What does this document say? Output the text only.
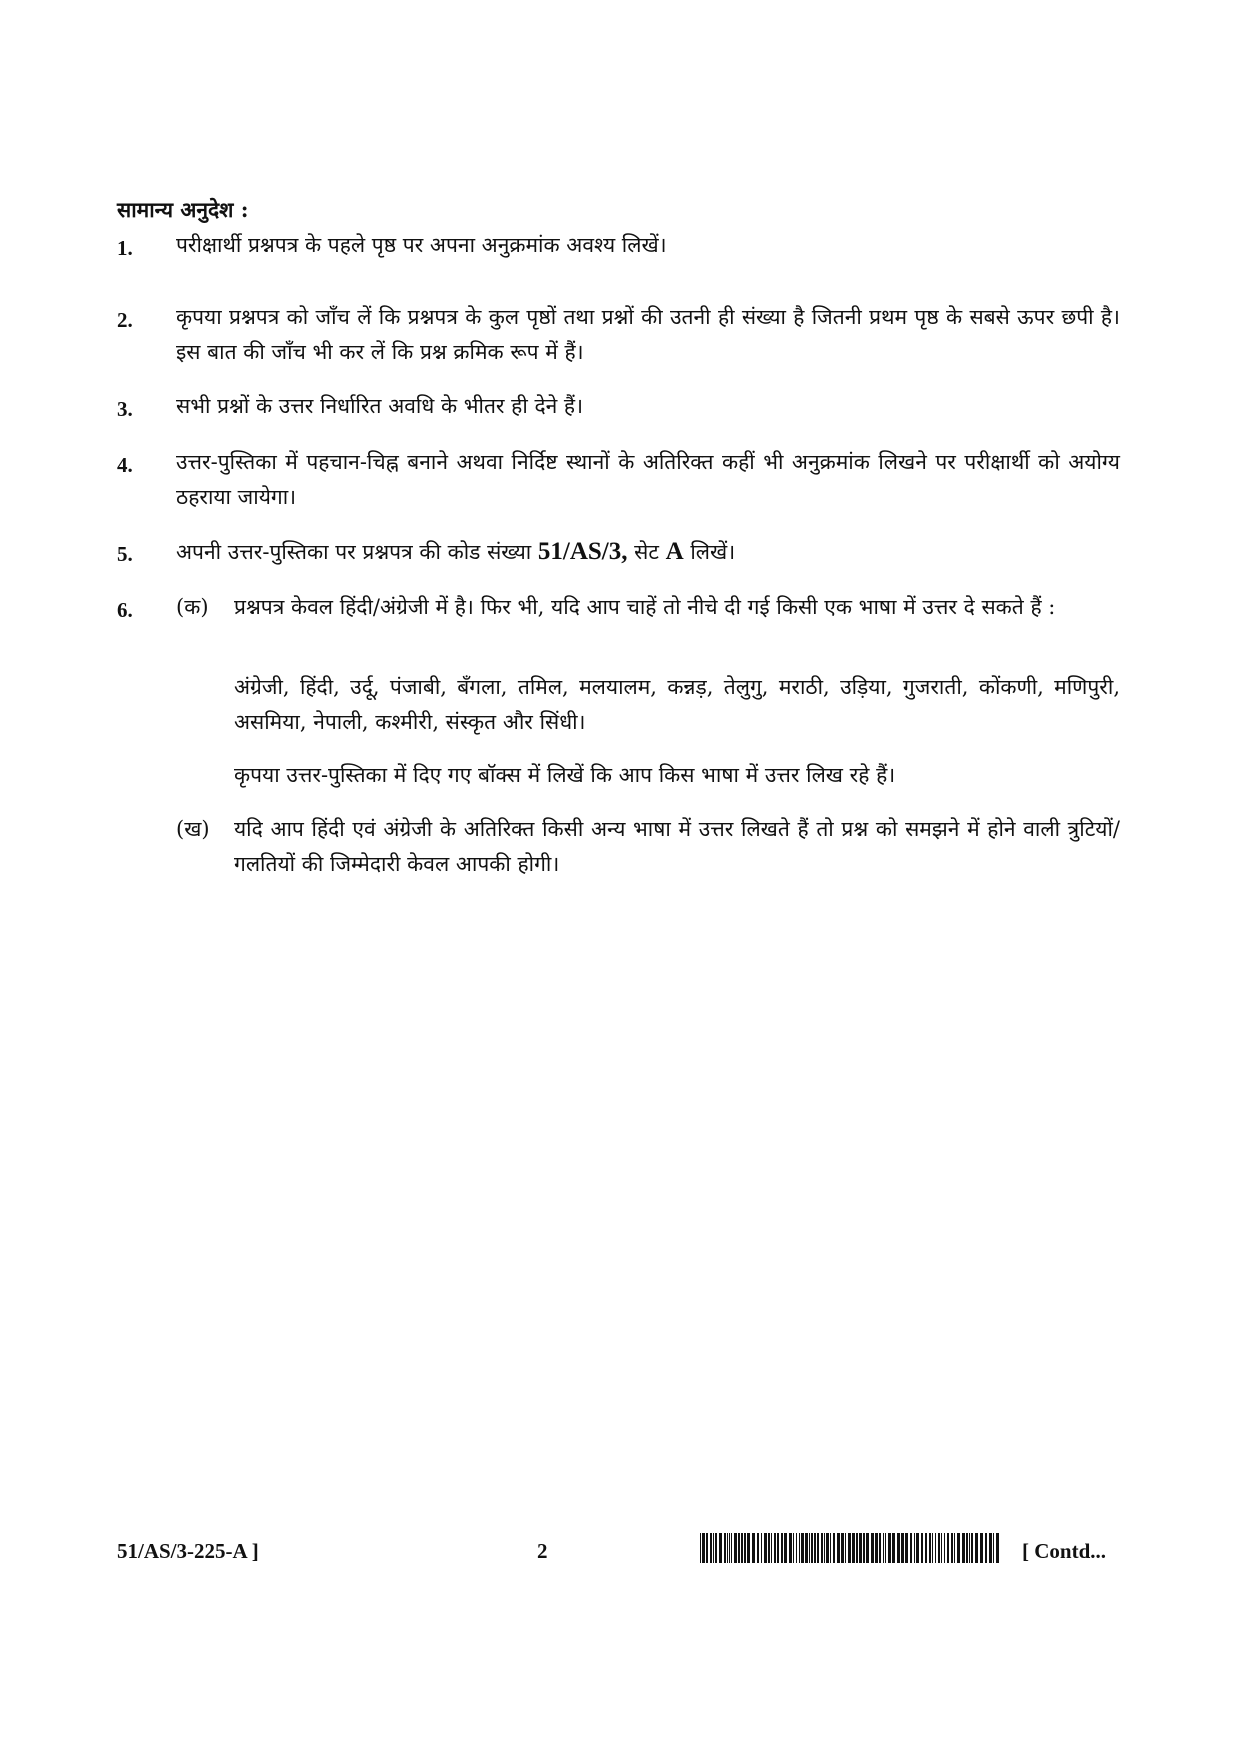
सामान्य अनुदेश :
1. परीक्षार्थी प्रश्नपत्र के पहले पृष्ठ पर अपना अनुक्रमांक अवश्य लिखें।
2. कृपया प्रश्नपत्र को जाँच लें कि प्रश्नपत्र के कुल पृष्ठों तथा प्रश्नों की उतनी ही संख्या है जितनी प्रथम पृष्ठ के सबसे ऊपर छपी है। इस बात की जाँच भी कर लें कि प्रश्न क्रमिक रूप में हैं।
3. सभी प्रश्नों के उत्तर निर्धारित अवधि के भीतर ही देने हैं।
4. उत्तर-पुस्तिका में पहचान-चिह्न बनाने अथवा निर्दिष्ट स्थानों के अतिरिक्त कहीं भी अनुक्रमांक लिखने पर परीक्षार्थी को अयोग्य ठहराया जायेगा।
5. अपनी उत्तर-पुस्तिका पर प्रश्नपत्र की कोड संख्या 51/AS/3, सेट A लिखें।
6. (क) प्रश्नपत्र केवल हिंदी/अंग्रेजी में है। फिर भी, यदि आप चाहें तो नीचे दी गई किसी एक भाषा में उत्तर दे सकते हैं :
अंग्रेजी, हिंदी, उर्दू, पंजाबी, बँगला, तमिल, मलयालम, कन्नड़, तेलुगु, मराठी, उड़िया, गुजराती, कोंकणी, मणिपुरी, असमिया, नेपाली, कश्मीरी, संस्कृत और सिंधी।
कृपया उत्तर-पुस्तिका में दिए गए बॉक्स में लिखें कि आप किस भाषा में उत्तर लिख रहे हैं।
(ख) यदि आप हिंदी एवं अंग्रेजी के अतिरिक्त किसी अन्य भाषा में उत्तर लिखते हैं तो प्रश्न को समझने में होने वाली त्रुटियों/गलतियों की जिम्मेदारी केवल आपकी होगी।
51/AS/3-225-A ]	2	[ Contd...
